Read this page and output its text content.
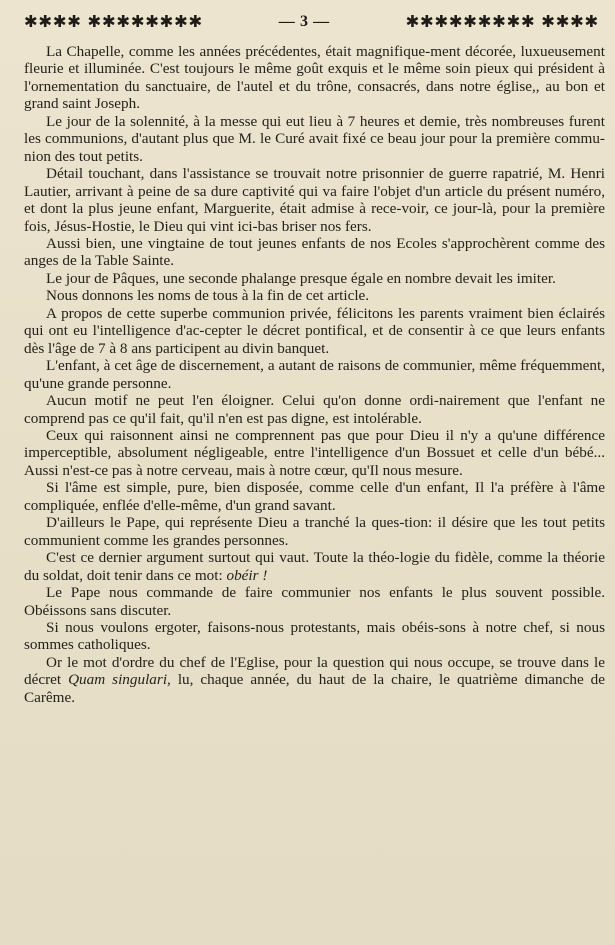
✱✱✱✱ ✱✱✱✱✱✱✱✱	— 3 —	✱✱✱✱✱✱✱✱✱ ✱✱✱✱

La Chapelle, comme les années précédentes, était magnifique-ment décorée, luxueusement fleurie et illuminée. C'est toujours le même goût exquis et le même soin pieux qui président à l'ornementation du sanctuaire, de l'autel et du trône, consacrés, dans notre église,, au bon et grand saint Joseph.

Le jour de la solennité, à la messe qui eut lieu à 7 heures et demie, très nombreuses furent les communions, d'autant plus que M. le Curé avait fixé ce beau jour pour la première commu-nion des tout petits.

Détail touchant, dans l'assistance se trouvait notre prisonnier de guerre rapatrié, M. Henri Lautier, arrivant à peine de sa dure captivité qui va faire l'objet d'un article du présent numéro, et dont la plus jeune enfant, Marguerite, était admise à rece-voir, ce jour-là, pour la première fois, Jésus-Hostie, le Dieu qui vint ici-bas briser nos fers.

Aussi bien, une vingtaine de tout jeunes enfants de nos Ecoles s'approchèrent comme des anges de la Table Sainte.

Le jour de Pâques, une seconde phalange presque égale en nombre devait les imiter.

Nous donnons les noms de tous à la fin de cet article.

A propos de cette superbe communion privée, félicitons les parents vraiment bien éclairés qui ont eu l'intelligence d'ac-cepter le décret pontifical, et de consentir à ce que leurs enfants dès l'âge de 7 à 8 ans participent au divin banquet.

L'enfant, à cet âge de discernement, a autant de raisons de communier, même fréquemment, qu'une grande personne.

Aucun motif ne peut l'en éloigner. Celui qu'on donne ordi-nairement que l'enfant ne comprend pas ce qu'il fait, qu'il n'en est pas digne, est intolérable.

Ceux qui raisonnent ainsi ne comprennent pas que pour Dieu il n'y a qu'une différence imperceptible, absolument négligeable, entre l'intelligence d'un Bossuet et celle d'un bébé... Aussi n'est-ce pas à notre cerveau, mais à notre cœur, qu'Il nous mesure.

Si l'âme est simple, pure, bien disposée, comme celle d'un enfant, Il l'a préfère à l'âme compliquée, enflée d'elle-même, d'un grand savant.

D'ailleurs le Pape, qui représente Dieu a tranché la ques-tion: il désire que les tout petits communient comme les grandes personnes.

C'est ce dernier argument surtout qui vaut. Toute la théo-logie du fidèle, comme la théorie du soldat, doit tenir dans ce mot: obéir !

Le Pape nous commande de faire communier nos enfants le plus souvent possible. Obéissons sans discuter.

Si nous voulons ergoter, faisons-nous protestants, mais obéis-sons à notre chef, si nous sommes catholiques.

Or le mot d'ordre du chef de l'Eglise, pour la question qui nous occupe, se trouve dans le décret Quam singulari, lu, chaque année, du haut de la chaire, le quatrième dimanche de Carême.
